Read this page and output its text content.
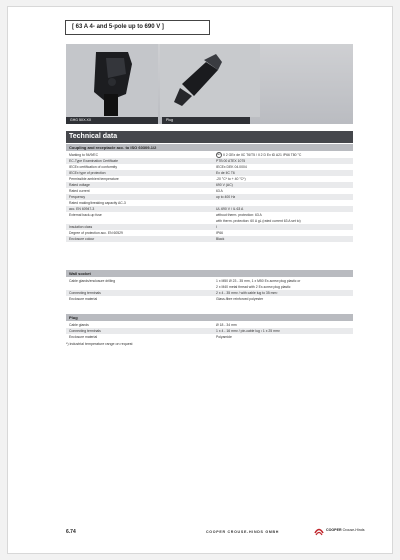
[ 63 A 4- and 5-pole up to 690 V ]
GHG 5XX.XX	Plug
Technical data
Coupling and receptacle acc. to ISO 60309-1/2
Marking to 94/9/EC	Ex II 2 GEx de IIC T6/T5 / II 2 D Ex tD A21 IP66 T80 °C
EC-Type Examination Certificate	PTB 00 ATEX 1075
IECEx certification of conformity	IECEx DEK 04.0004
IECEx type of protection	Ex de IIC T6
Permissible ambient temperature	-20 °C* to + 40 °C*)
Rated voltage	690 V (AC)
Rated current	63 A
Frequency	up to 400 Hz
Rated making/breaking capacity AC-3
acc. EN 60947-3	UL 690 V / IL 63 A
External back-up fuse	without therm. protection: 63 A
with therm. protection: 60 A gL (rated current 63 A set to)
Insulation class	I
Degree of protection acc. EN 60529	IP66
Enclosure colour	Black
Wall socket
Cable glands/enclosure drilling	1 x M50 Ø 23 - 35 mm, 1 x M50 Ex-screw plug plastic or
2 x M40 metal thread with 2 Ex-screw plug plastic
Connecting terminals	2 x 4 - 35 mm² / with cable lug to 35 mm²
Enclosure material	Glass-fibre reinforced polyester
Plug
Cable glands	Ø 18 - 34 mm
Connecting terminals	1 x 4 - 16 mm² / pin-cable lug ¹ 1 x 25 mm²
Enclosure material	Polyamide
*) industrial temperature range on request
6.74	COOPER CROUSE-HINDS GMBH	COOPER Crouse-Hinds
